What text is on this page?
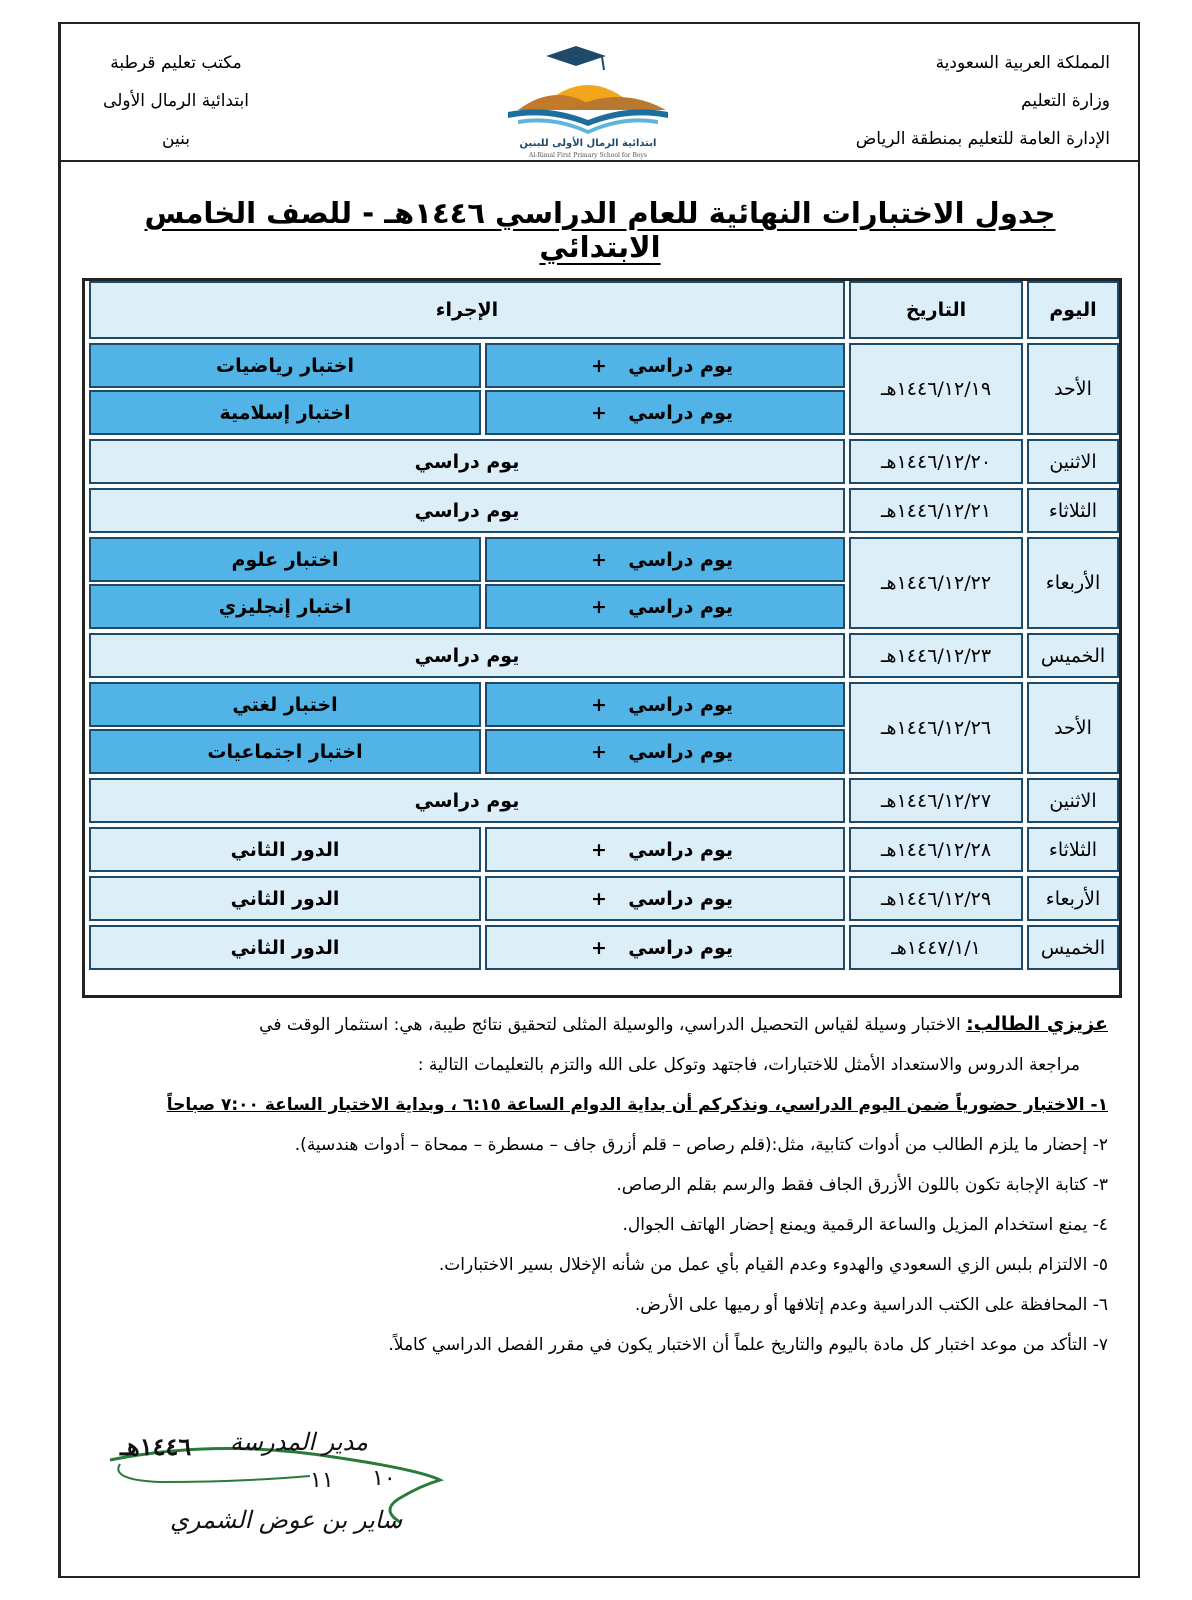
المملكة العربية السعودية
وزارة التعليم
الإدارة العامة للتعليم بمنطقة الرياض
ابتدائية الرمال الأولى للبنين
Al-Rimal First Primary School for Boys
مكتب تعليم قرطبة
ابتدائية الرمال الأولى
بنين
جدول الاختبارات النهائية للعام الدراسي ١٤٤٦هـ - للصف الخامس الابتدائي
اليوم
التاريخ
الإجراء
الأحد
١٤٤٦/١٢/١٩هـ
يوم دراسي
+
اختبار رياضيات
يوم دراسي
+
اختبار إسلامية
الاثنين
١٤٤٦/١٢/٢٠هـ
يوم دراسي
الثلاثاء
١٤٤٦/١٢/٢١هـ
يوم دراسي
الأربعاء
١٤٤٦/١٢/٢٢هـ
يوم دراسي
+
اختبار علوم
يوم دراسي
+
اختبار إنجليزي
الخميس
١٤٤٦/١٢/٢٣هـ
يوم دراسي
الأحد
١٤٤٦/١٢/٢٦هـ
يوم دراسي
+
اختبار لغتي
يوم دراسي
+
اختبار اجتماعيات
الاثنين
١٤٤٦/١٢/٢٧هـ
يوم دراسي
الثلاثاء
١٤٤٦/١٢/٢٨هـ
يوم دراسي
+
الدور الثاني
الأربعاء
١٤٤٦/١٢/٢٩هـ
يوم دراسي
+
الدور الثاني
الخميس
١٤٤٧/١/١هـ
يوم دراسي
+
الدور الثاني

عزيزي الطالب: الاختبار وسيلة لقياس التحصيل الدراسي، والوسيلة المثلى لتحقيق نتائج طيبة، هي: استثمار الوقت في

مراجعة الدروس والاستعداد الأمثل للاختبارات، فاجتهد وتوكل على الله والتزم بالتعليمات التالية :

١- الاختبار حضورياً ضمن اليوم الدراسي، ونذكركم أن بداية الدوام الساعة ٦:١٥ ، وبداية الاختبار الساعة ٧:٠٠ صباحاً

٢- إحضار ما يلزم الطالب من أدوات كتابية، مثل:(قلم رصاص – قلم أزرق جاف – مسطرة – ممحاة – أدوات هندسية).

٣- كتابة الإجابة تكون باللون الأزرق الجاف فقط والرسم بقلم الرصاص.

٤- يمنع استخدام المزيل والساعة الرقمية ويمنع إحضار الهاتف الجوال.

٥- الالتزام بلبس الزي السعودي والهدوء وعدم القيام بأي عمل من شأنه الإخلال بسير الاختبارات.

٦- المحافظة على الكتب الدراسية وعدم إتلافها أو رميها على الأرض.

٧- التأكد من موعد اختبار كل مادة باليوم والتاريخ علماً أن الاختبار يكون في مقرر الفصل الدراسي كاملاً.

مدير المدرسة
١٤٤٦هـ
١٠
١١
ساير بن عوض الشمري
